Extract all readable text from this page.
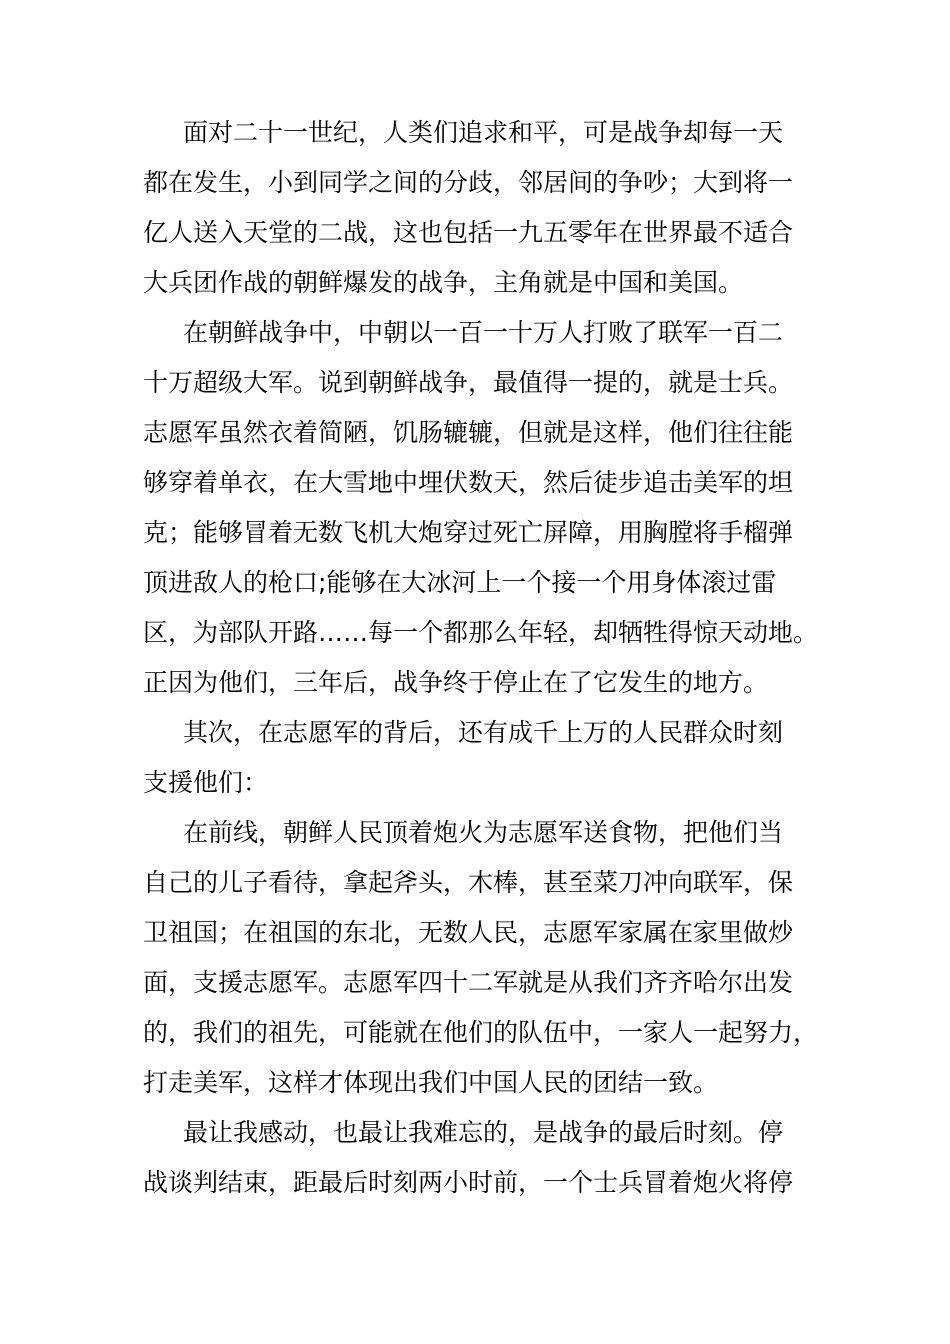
面对二十一世纪，人类们追求和平，可是战争却每一天
都在发生，小到同学之间的分歧，邻居间的争吵；大到将一
亿人送入天堂的二战，这也包括一九五零年在世界最不适合
大兵团作战的朝鲜爆发的战争，主角就是中国和美国。
在朝鲜战争中，中朝以一百一十万人打败了联军一百二
十万超级大军。说到朝鲜战争，最值得一提的，就是士兵。
志愿军虽然衣着简陋，饥肠辘辘，但就是这样，他们往往能
够穿着单衣，在大雪地中埋伏数天，然后徒步追击美军的坦
克；能够冒着无数飞机大炮穿过死亡屏障，用胸膛将手榴弹
顶进敌人的枪口;能够在大冰河上一个接一个用身体滚过雷
区，为部队开路……每一个都那么年轻，却牺牲得惊天动地。
正因为他们，三年后，战争终于停止在了它发生的地方。
其次，在志愿军的背后，还有成千上万的人民群众时刻
支援他们：
在前线，朝鲜人民顶着炮火为志愿军送食物，把他们当
自己的儿子看待，拿起斧头，木棒，甚至菜刀冲向联军，保
卫祖国；在祖国的东北，无数人民，志愿军家属在家里做炒
面，支援志愿军。志愿军四十二军就是从我们齐齐哈尔出发
的，我们的祖先，可能就在他们的队伍中，一家人一起努力，
打走美军，这样才体现出我们中国人民的团结一致。
最让我感动，也最让我难忘的，是战争的最后时刻。停
战谈判结束，距最后时刻两小时前，一个士兵冒着炮火将停
